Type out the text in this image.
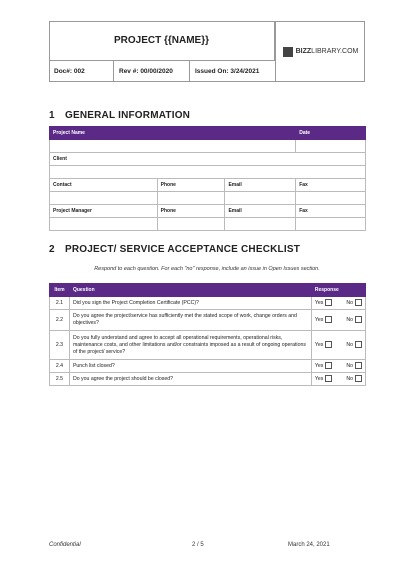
PROJECT {{NAME}}
BIZZLIBRARY.COM
Doc#: 002	Rev #: 00/00/2020	Issued On: 3/24/2021
1 GENERAL INFORMATION
Project Name			Date

Client			

Contact	Phone	Email	Fax

Project Manager	Phone	Email	Fax

2 PROJECT/ SERVICE ACCEPTANCE CHECKLIST
Respond to each question. For each "no" response, include an issue in Open Issues section.
Item	Question	Response
2.1	Did you sign the Project Completion Certificate (PCC)?	Yes No
2.2	Do you agree the project/service has sufficiently met the stated scope of work, change orders and objectives?	Yes No
2.3	Do you fully understand and agree to accept all operational requirements, operational risks, maintenance costs, and other limitations and/or constraints imposed as a result of ongoing operations of the project/ service?	Yes No
2.4	Punch list closed?	Yes No
2.5	Do you agree the project should be closed?	Yes No
Confidential	2 / 5	March 24, 2021
